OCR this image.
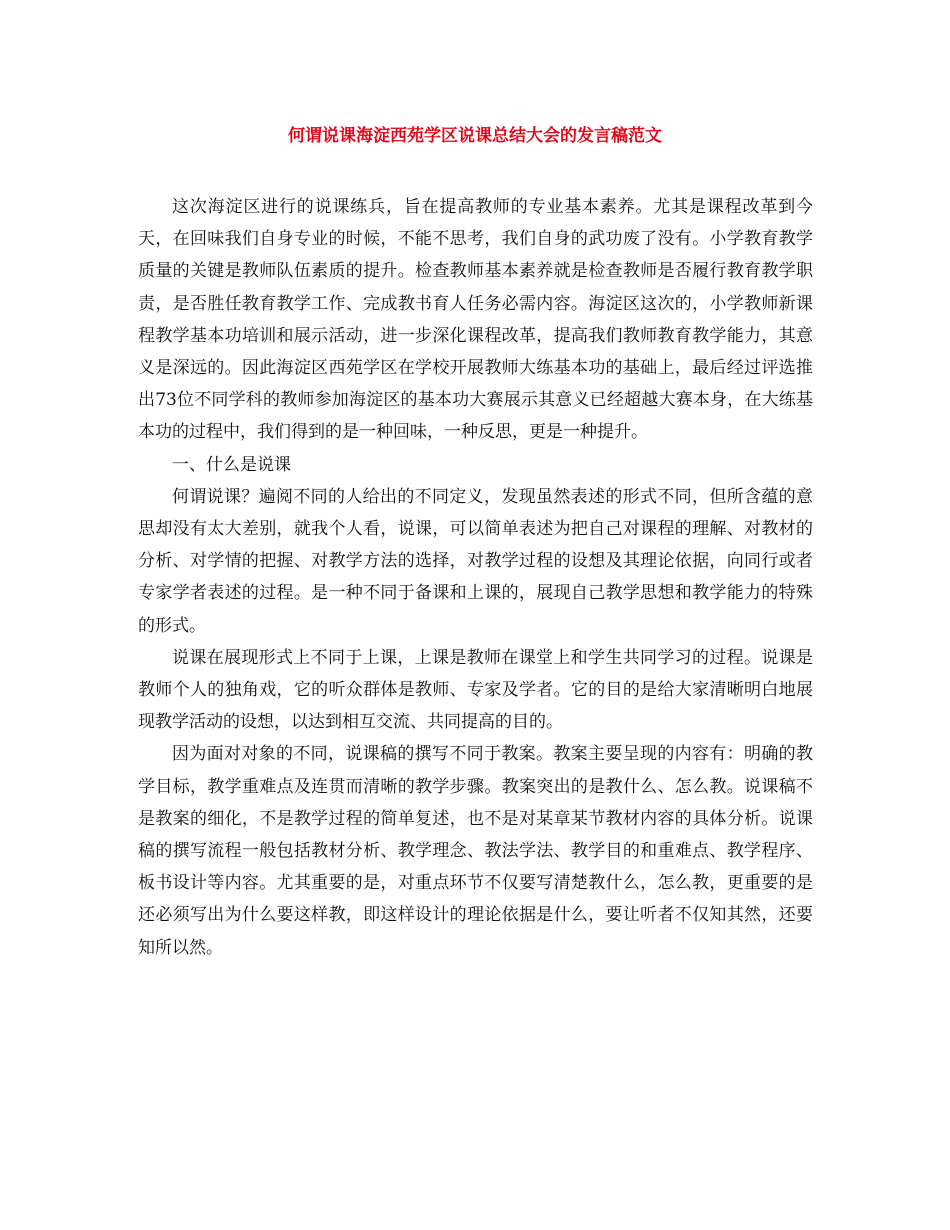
何谓说课海淀西苑学区说课总结大会的发言稿范文

这次海淀区进行的说课练兵，旨在提高教师的专业基本素养。尤其是课程改革到今天，在回味我们自身专业的时候，不能不思考，我们自身的武功废了没有。小学教育教学质量的关键是教师队伍素质的提升。检查教师基本素养就是检查教师是否履行教育教学职责，是否胜任教育教学工作、完成教书育人任务必需内容。海淀区这次的，小学教师新课程教学基本功培训和展示活动，进一步深化课程改革，提高我们教师教育教学能力，其意义是深远的。因此海淀区西苑学区在学校开展教师大练基本功的基础上，最后经过评选推出73位不同学科的教师参加海淀区的基本功大赛展示其意义已经超越大赛本身，在大练基本功的过程中，我们得到的是一种回味，一种反思，更是一种提升。

一、什么是说课

何谓说课？遍阅不同的人给出的不同定义，发现虽然表述的形式不同，但所含蕴的意思却没有太大差别，就我个人看，说课，可以简单表述为把自己对课程的理解、对教材的分析、对学情的把握、对教学方法的选择，对教学过程的设想及其理论依据，向同行或者专家学者表述的过程。是一种不同于备课和上课的，展现自己教学思想和教学能力的特殊的形式。

说课在展现形式上不同于上课，上课是教师在课堂上和学生共同学习的过程。说课是教师个人的独角戏，它的听众群体是教师、专家及学者。它的目的是给大家清晰明白地展现教学活动的设想，以达到相互交流、共同提高的目的。

因为面对对象的不同，说课稿的撰写不同于教案。教案主要呈现的内容有：明确的教学目标，教学重难点及连贯而清晰的教学步骤。教案突出的是教什么、怎么教。说课稿不是教案的细化，不是教学过程的简单复述，也不是对某章某节教材内容的具体分析。说课稿的撰写流程一般包括教材分析、教学理念、教法学法、教学目的和重难点、教学程序、板书设计等内容。尤其重要的是，对重点环节不仅要写清楚教什么，怎么教，更重要的是还必须写出为什么要这样教，即这样设计的理论依据是什么，要让听者不仅知其然，还要知所以然。
